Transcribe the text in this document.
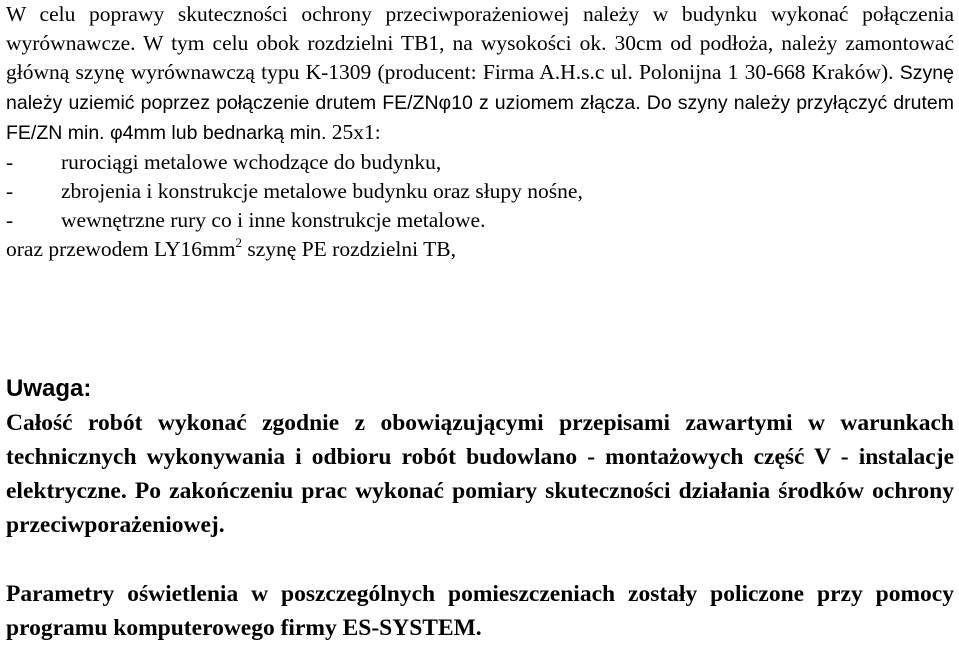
W celu poprawy skuteczności ochrony przeciwporażeniowej należy w budynku wykonać połączenia wyrównawcze. W tym celu obok rozdzielni TB1, na wysokości ok. 30cm od podłoża, należy zamontować główną szynę wyrównawczą typu K-1309 (producent: Firma A.H.s.c ul. Polonijna 1 30-668 Kraków). Szynę należy uziemić poprzez połączenie drutem FE/ZNφ10 z uziomem złącza. Do szyny należy przyłączyć drutem FE/ZN min. φ4mm lub bednarką min. 25x1:

- rurociągi metalowe wchodzące do budynku,
- zbrojenia i konstrukcje metalowe budynku oraz słupy nośne,
- wewnętrzne rury co i inne konstrukcje metalowe.

oraz przewodem $LY16mm^2$ szynę PE rozdzielni TB,

Uwaga:

Całość robót wykonać zgodnie z obowiązującymi przepisami zawartymi w warunkach technicznych wykonywania i odbioru robót budowlano - montażowych część V - instalacje elektryczne. Po zakończeniu prac wykonać pomiary skuteczności działania środków ochrony przeciwporażeniowej.

Parametry oświetlenia w poszczególnych pomieszczeniach zostały policzone przy pomocy programu komputerowego firmy ES-SYSTEM.
